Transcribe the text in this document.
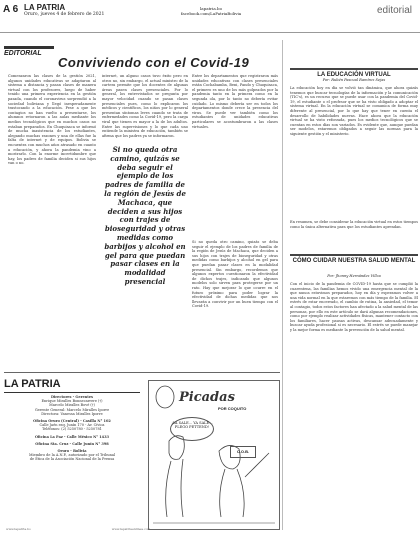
A 6 LA PATRIA
Oruro, jueves 4 de febrero de 2021
lapatria.bo
facebook.com/LaPatriaBolivia	editorial
EDITORIAL
Conviviendo con el Covid-19
Comenzaron las clases de la gestión 2021, algunos unidades educativas se adaptaron al sistema a distancia y pasan clases de manera virtual con los profesores, luego de haber tenido una primera experiencia en la gestión pasada, cuando el coronavirus sorprendió a la sociedad boliviana y llegó inesperadamente trastocando a la educación. Pese a que los contagios no han vuelto a presentarse, los alumnos retornaron a las aulas mediante los medios tecnológicos que en muchos casos no estaban preparados. En Chuquisaca se informó de mucha inasistencia de los estudiantes, alegando muchas razones y una de ellas fue la falta de internet y de equipos. Bolivia se encuentra con muchos años atrasado en cuanto a educación, y ahora la pandemia vino a mostrarlo. Con la enorme incertidumbre que hay, los padres de familia deciden si sus hijos van o no.
internet, un alguno casos tuvo éxito pero en otros no, sin embargo, el actual ministro de la cartera permite que los docentes de algunas áreas pasen clases presenciales. Por lo general, los entrevistados se pregunta por mayor velocidad cuando se pasan clases presenciales pues, como lo explicaron los médicos y científicos, los niños por lo general presentan síntomas leves cuando se trata de enfermedades como la Covid-19, pero la carga viral que tienen es mayor a la de los adultos. Entre las supervisiones y lo que cada uno entiende la ministra de educación, también se afirma que los padres ya se informaron.
Si no queda otra camino, quizás se deba seguir el ejemplo de los padres de familia de la región de Jesús de Machaca, que deciden a sus hijos con trajes de bioseguridad y otras medidas como barbijos y alcohol en gel para que puedan pasar clases en la modalidad presencial
Entre los departamentos que registraron más unidades educativas con clases presenciales están Cochabamba, Beni, Pando y Chuquisaca, el primero es uno de los más golpeados por la pandemia tanto en la primera como en la segunda ola, por lo tanto no debería evitar cuidado. Lo mismo debería ser en todos los departamentos donde crece la presencia del virus. Se puede ver también como los estudiantes de unidades educativas particulares se acostumbraron a las clases virtuales.
Si no queda otro camino, quizás se deba seguir el ejemplo de los padres de familia de la región de Jesús de Machaca, que deciden a sus hijos con trajes de bioseguridad y otras medidas como barbijos y alcohol en gel para que puedan pasar clases en la modalidad presencial. Sin embargo, recordemos que algunos expertos cuestionaron la efectividad de dichos trajes, indicando que algunos modelos solo sirven para protegerse por un rato. Hay que mejorar lo que ocurre en el futuro próximo para poder lograr la efectividad de dichas medidas que nos llevarán a convivir por un buen tiempo con el Covid-19.
LA EDUCACIÓN VIRTUAL
Por: Rubén Pascual Ramírez Sejas
La educación hoy en día se volvió tan dinámica, que ahora quizás tenemos que buscar tecnologías de la información y la comunicación (TIC's), es un recurso que se puede usar con la pandemia del Covid-19, el estudiante o el profesor que se ha visto obligado a adoptar el sistema virtual. En la educación virtual se comunica de forma muy diferente al presencial, por lo que hay que tener en cuenta el desarrollo de habilidades nuevas. Hace ahora que la educación virtual se ha visto reforzada, pues los medios tecnológicos que se cuentan en estos días son variados. Es evidente que, aunque puedan ser modelos, estaremos obligados a seguir las normas para la siguiente gestión y el ministerio.
En resumen, se debe considerar la educación virtual en estos tiempos como la única alternativa para que los estudiantes aprendan.
CÓMO CUIDAR NUESTRA SALUD MENTAL
Por: Jhonny Hernández Villca
Con el inicio de la pandemia de COVID-19 hasta que se cumplió la cuarentena, las familias hemos vivido una emergencia mental de la que nunca estuvimos preparados, hoy en día y esperamos volver a una vida normal en la que estaremos con más tiempo de la familia. El estrés de estar encerrado, el cambio de rutina, la ansiedad, el temor al contagio, todos estos factores han afectado a la salud mental de las personas, por ello en este artículo se dará algunas recomendaciones, como por ejemplo realizar actividades físicas, mantener contacto con los familiares, hacer pausas activas, descansar adecuadamente y buscar ayuda profesional si es necesario. El estrés se puede manejar y la mejor forma es mediante la prevención de la salud mental.
LA PATRIA
Directores - Gerentes
Enrique Miralles Bonnecarrere (†)
Marcelo Miralles Bové (†)
Gerente General: Marcelo Miralles Iporre
Directora: Vanessa Miralles Iporre
Oficina Oruro (Central) - Casilla N° 102
Calle Jaén esq. Junín 170 - Av. Cívica
Teléfonos: (2) 5250780 - 5250781
Oficina La Paz - Calle México N° 1433
Oficina Sta. Cruz - Calle Junín N° 398
Oruro - Bolivia
Miembro de la A.N.P., autorizado por el Tribunal
de Ética de la Asociación Nacional de la Prensa
Picadas
POR COQUITO
¡YA SALE... YA SALE... PLEGO PETTEND!
C.O.B.
www.lapatria.bo	www.lapatriaenlinea.com
